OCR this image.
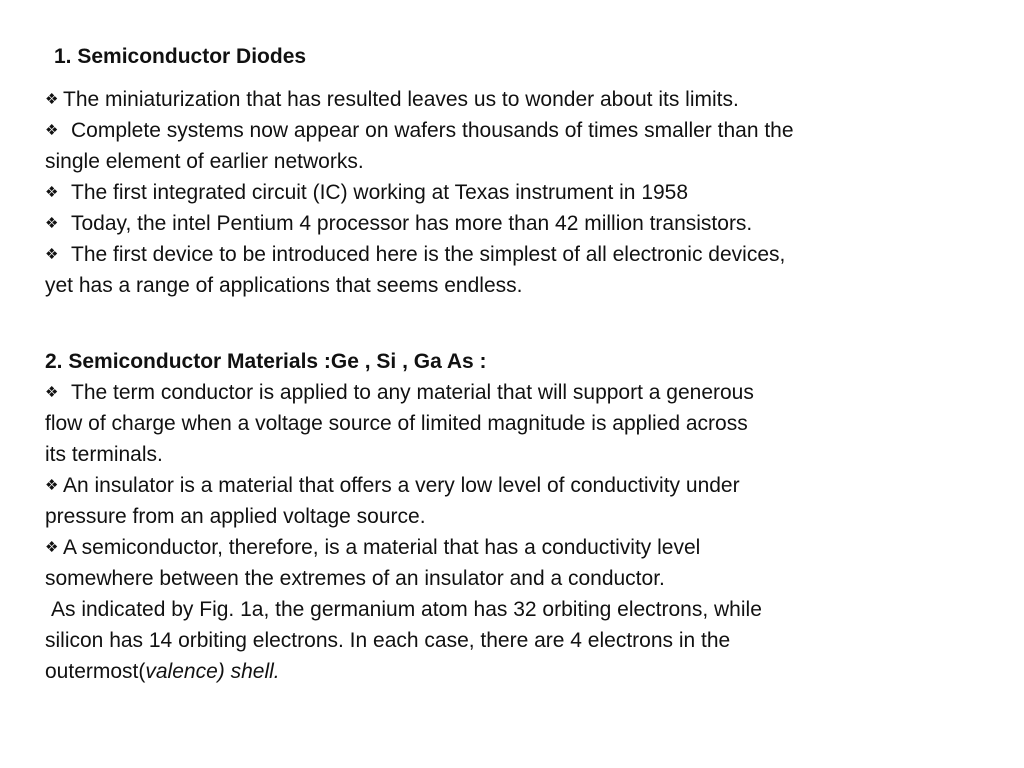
1. Semiconductor Diodes

❖ The miniaturization that has resulted leaves us to wonder about its limits.

❖ Complete systems now appear on wafers thousands of times smaller than the
single element of earlier networks.

❖ The first integrated circuit (IC) working at Texas instrument in 1958

❖ Today, the intel Pentium 4 processor has more than 42 million transistors.

❖ The first device to be introduced here is the simplest of all electronic devices,
yet has a range of applications that seems endless.

2. Semiconductor Materials :Ge , Si , Ga As :

❖ The term conductor is applied to any material that will support a generous
flow of charge when a voltage source of limited magnitude is applied across
its terminals.

❖ An insulator is a material that offers a very low level of conductivity under
pressure from an applied voltage source.

❖ A semiconductor, therefore, is a material that has a conductivity level
somewhere between the extremes of an insulator and a conductor.

As indicated by Fig. 1a, the germanium atom has 32 orbiting electrons, while
silicon has 14 orbiting electrons. In each case, there are 4 electrons in the
outermost(valence) shell.
